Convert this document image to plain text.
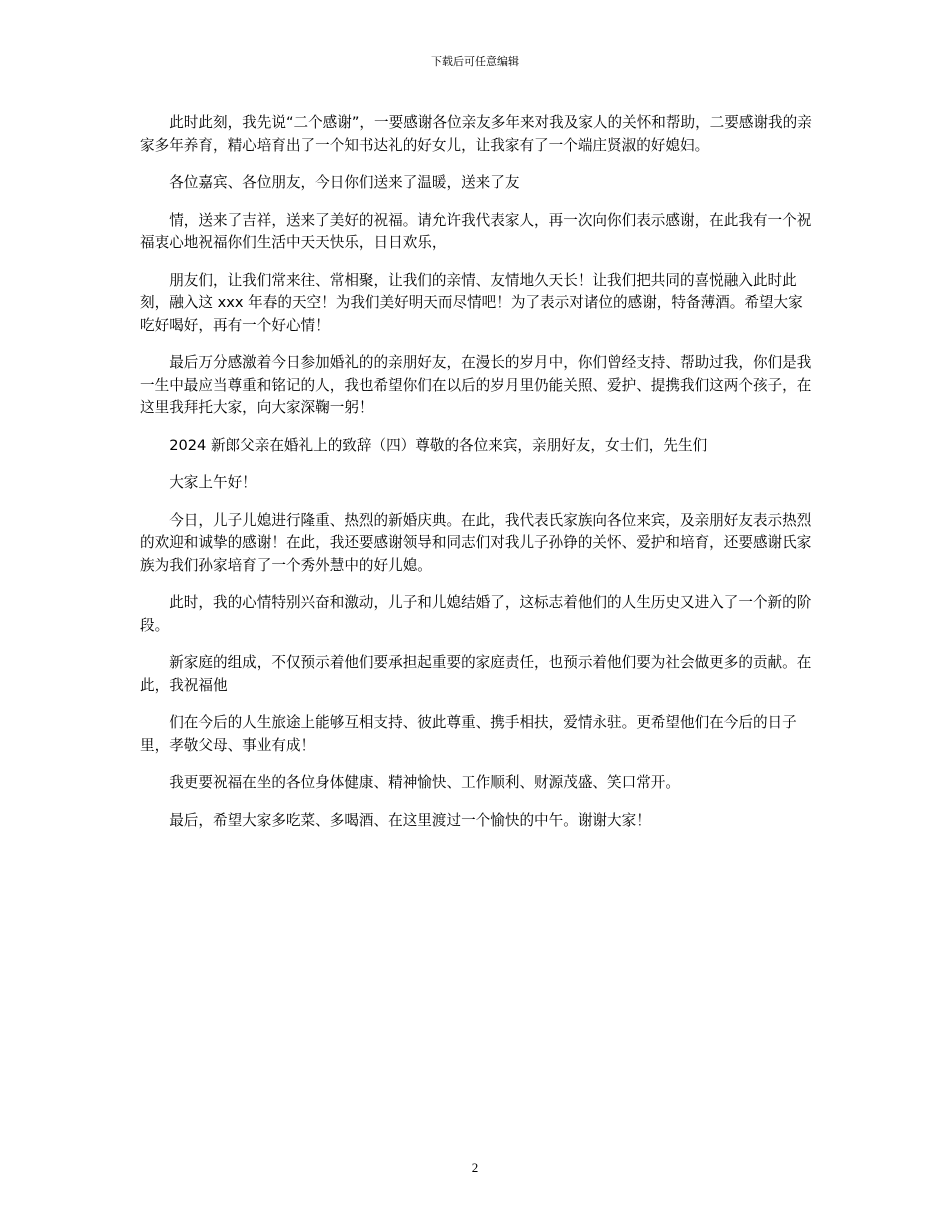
下载后可任意编辑

此时此刻，我先说“二个感谢”，一要感谢各位亲友多年来对我及家人的关怀和帮助，二要感谢我的亲家多年养育，精心培育出了一个知书达礼的好女儿，让我家有了一个端庄贤淑的好媳妇。

各位嘉宾、各位朋友，今日你们送来了温暖，送来了友

情，送来了吉祥，送来了美好的祝福。请允许我代表家人，再一次向你们表示感谢，在此我有一个祝福衷心地祝福你们生活中天天快乐，日日欢乐，

朋友们，让我们常来往、常相聚，让我们的亲情、友情地久天长！让我们把共同的喜悦融入此时此刻，融入这 xxx 年春的天空！为我们美好明天而尽情吧！为了表示对诸位的感谢，特备薄酒。希望大家吃好喝好，再有一个好心情！

最后万分感激着今日参加婚礼的的亲朋好友，在漫长的岁月中，你们曾经支持、帮助过我，你们是我一生中最应当尊重和铭记的人，我也希望你们在以后的岁月里仍能关照、爱护、提携我们这两个孩子，在这里我拜托大家，向大家深鞠一躬！

2024 新郎父亲在婚礼上的致辞（四）尊敬的各位来宾，亲朋好友，女士们，先生们

大家上午好！

今日，儿子儿媳进行隆重、热烈的新婚庆典。在此，我代表氏家族向各位来宾，及亲朋好友表示热烈的欢迎和诚挚的感谢！在此，我还要感谢领导和同志们对我儿子孙铮的关怀、爱护和培育，还要感谢氏家族为我们孙家培育了一个秀外慧中的好儿媳。

此时，我的心情特别兴奋和激动，儿子和儿媳结婚了，这标志着他们的人生历史又进入了一个新的阶段。

新家庭的组成，不仅预示着他们要承担起重要的家庭责任，也预示着他们要为社会做更多的贡献。在此，我祝福他

们在今后的人生旅途上能够互相支持、彼此尊重、携手相扶，爱情永驻。更希望他们在今后的日子里，孝敬父母、事业有成！

我更要祝福在坐的各位身体健康、精神愉快、工作顺利、财源茂盛、笑口常开。

最后，希望大家多吃菜、多喝酒、在这里渡过一个愉快的中午。谢谢大家！

2
